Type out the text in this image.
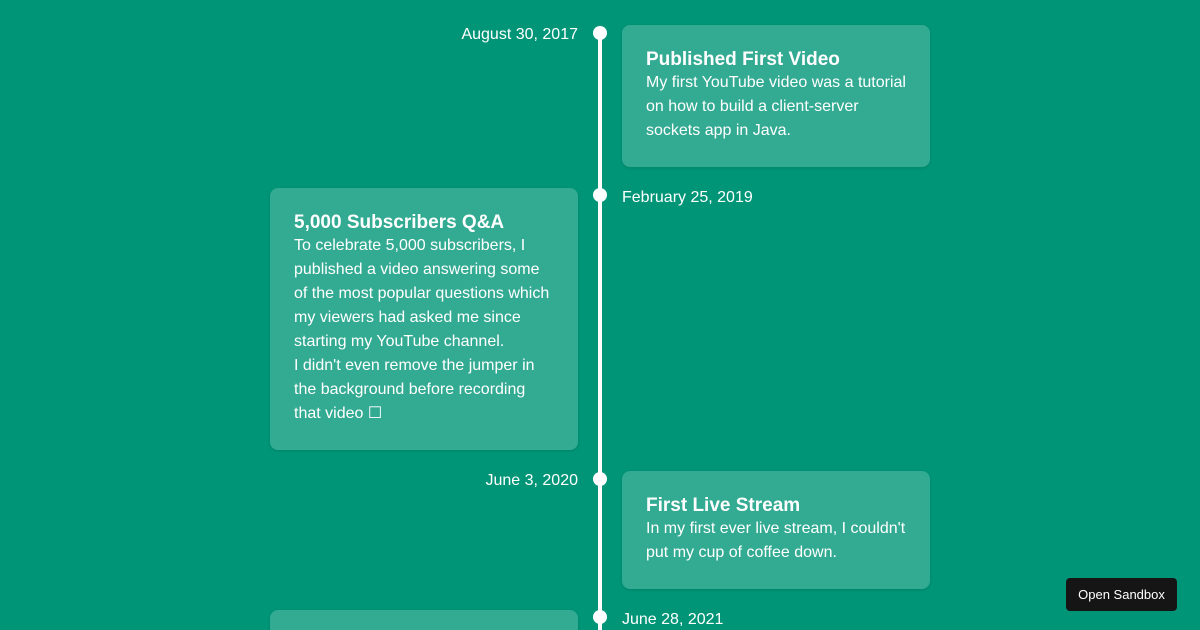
August 30, 2017
Published First Video

My first YouTube video was a tutorial on how to build a client-server sockets app in Java.

February 25, 2019
5,000 Subscribers Q&A

To celebrate 5,000 subscribers, I published a video answering some of the most popular questions which my viewers had asked me since starting my YouTube channel.

I didn't even remove the jumper in the background before recording that video ☐

June 3, 2020
First Live Stream

In my first ever live stream, I couldn't put my cup of coffee down.

June 28, 2021
Open Sandbox
